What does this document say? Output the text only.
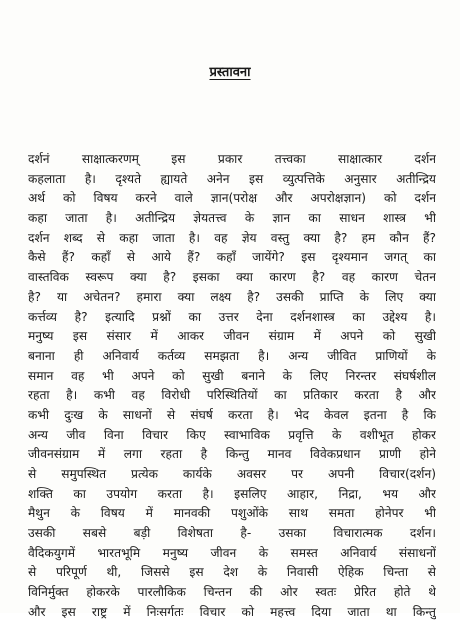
प्रस्तावना
दर्शनं साक्षात्करणम् इस प्रकार तत्त्वका साक्षात्कार दर्शन
कहलाता है। दृश्यते ह्यायते अनेन इस व्युत्पत्तिके अनुसार अतीन्द्रिय
अर्थ को विषय करने वाले ज्ञान(परोक्ष और अपरोक्षज्ञान) को दर्शन
कहा जाता है। अतीन्द्रिय ज्ञेयतत्त्व के ज्ञान का साधन शास्त्र भी
दर्शन शब्द से कहा जाता है। वह ज्ञेय वस्तु क्या है? हम कौन हैं?
कैसे हैं? कहाँ से आये हैं? कहाँ जायेंगे? इस दृश्यमान जगत् का
वास्तविक स्वरूप क्या है? इसका क्या कारण है? वह कारण चेतन
है? या अचेतन? हमारा क्या लक्ष्य है? उसकी प्राप्ति के लिए क्या
कर्त्तव्य है? इत्यादि प्रश्नों का उत्तर देना दर्शनशास्त्र का उद्देश्य है।
मनुष्य इस संसार में आकर जीवन संग्राम में अपने को सुखी
बनाना ही अनिवार्य कर्तव्य समझता है। अन्य जीवित प्राणियों के
समान वह भी अपने को सुखी बनाने के लिए निरन्तर संघर्षशील
रहता है। कभी वह विरोधी परिस्थितियों का प्रतिकार करता है और
कभी दुःख के साधनों से संघर्ष करता है। भेद केवल इतना है कि
अन्य जीव विना विचार किए स्वाभाविक प्रवृत्ति के वशीभूत होकर
जीवनसंग्राम में लगा रहता है किन्तु मानव विवेकप्रधान प्राणी होने
से समुपस्थित प्रत्येक कार्यके अवसर पर अपनी विचार(दर्शन)
शक्ति का उपयोग करता है। इसलिए आहार, निद्रा, भय और
मैथुन के विषय में मानवकी पशुओंके साथ समता होनेपर भी
उसकी सबसे बड़ी विशेषता है- उसका विचारात्मक दर्शन।
वैदिकयुगमें भारतभूमि मनुष्य जीवन के समस्त अनिवार्य संसाधनों
से परिपूर्ण थी, जिससे इस देश के निवासी ऐहिक चिन्ता से
विनिर्मुक्त होकरके पारलौकिक चिन्तन की ओर स्वतः प्रेरित होते थे
और इस राष्ट्र में निःसर्गतः विचार को महत्त्व दिया जाता था किन्तु
